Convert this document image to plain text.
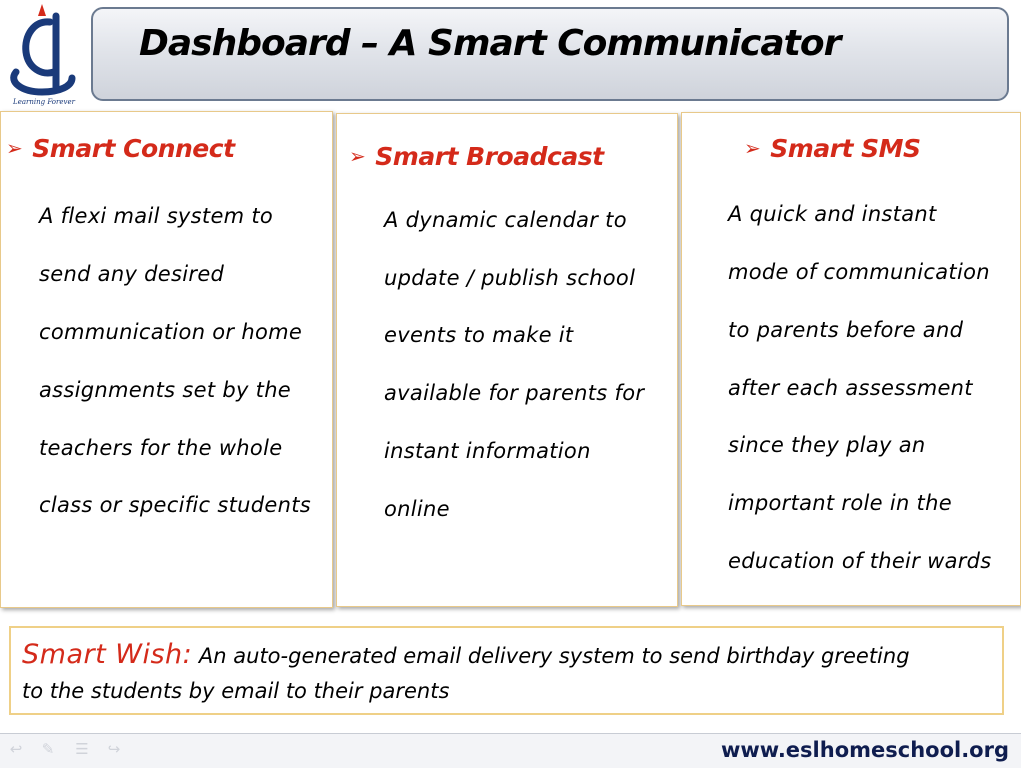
Learning Forever
Dashboard – A Smart Communicator
➢ Smart Connect
A flexi mail system to
send any desired
communication or home
assignments set by the
teachers for the whole
class or specific students
➢ Smart Broadcast
A dynamic calendar to
update / publish school
events to make it
available for parents for
instant information
online
➢ Smart SMS
A quick and instant
mode of communication
to parents before and
after each assessment
since they play an
important role in the
education of their wards
Smart Wish: An auto-generated email delivery system to send birthday greeting
to the students by email to their parents
↩ ✎ ☰ ↪	www.eslhomeschool.org
